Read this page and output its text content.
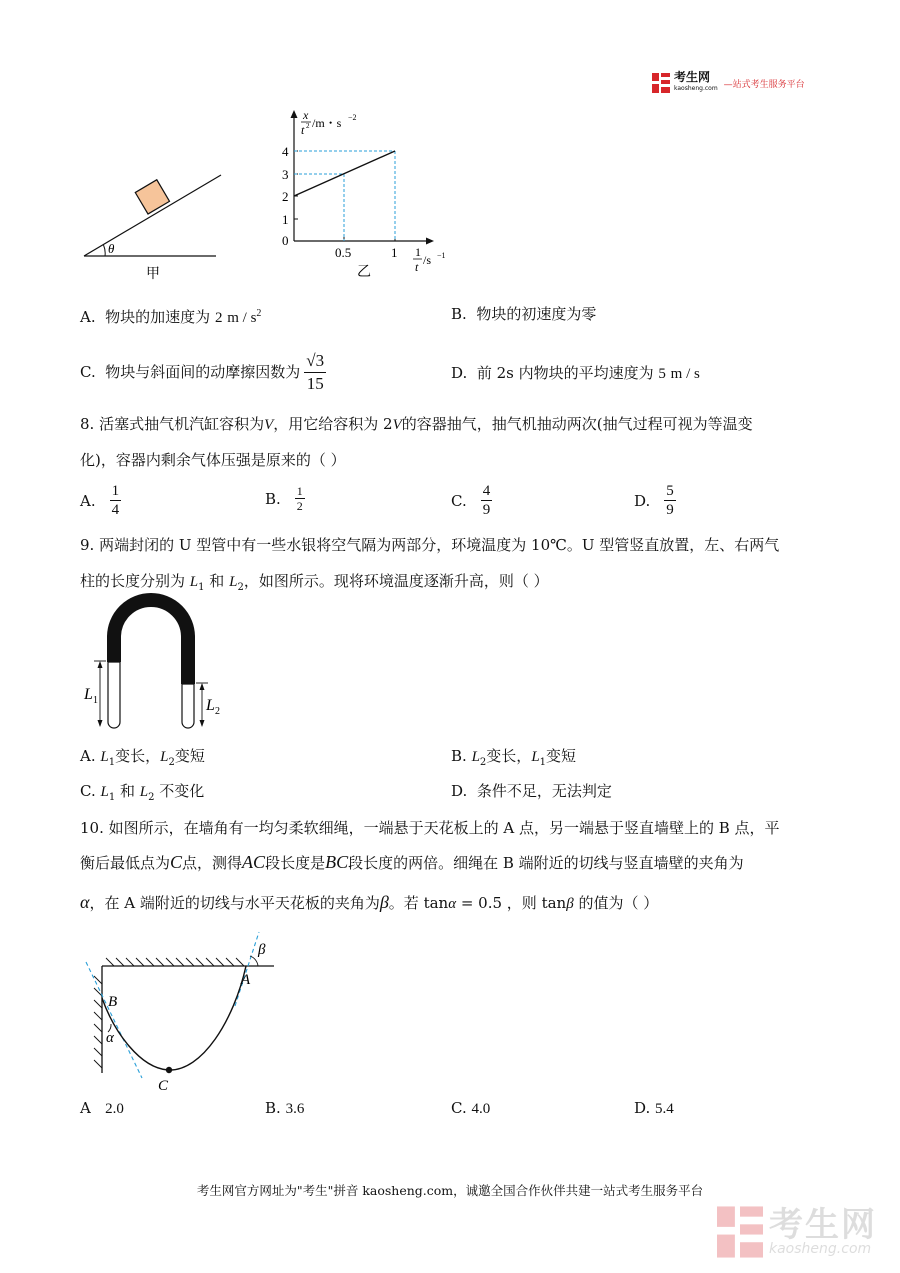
考生网
kaosheng.com —站式考生服务平台
θ
甲
4
3
2
1
0
0.5	1
x
t 2 /m・s −2
1
t /s −1
乙
A. 物块的加速度为 2 m / $s^2$	B. 物块的初速度为零
C.
物块与斜面间的动摩擦因数为 $\frac{√3}{15}$	D. 前 2s 内物块的平均速度为 5 m / s
8. 活塞式抽气机汽缸容积为V，用它给容积为 2V的容器抽气，抽气机抽动两次(抽气过程可视为等温变
化)，容器内剩余气体压强是原来的（ ）
A. $\frac{1}{4}$	B. $\frac{1}{2}$	C. $\frac{4}{9}$	D. $\frac{5}{9}$
9. 两端封闭的 U 型管中有一些水银将空气隔为两部分，环境温度为 10℃。U 型管竖直放置，左、右两气
柱的长度分别为 $L_1$ 和 $L_2$，如图所示。现将环境温度逐渐升高，则（ ）
L 1	L 2
A. $L_1$变长，$L_2$变短	B. $L_2$变长，$L_1$变短
C. $L_1$ 和 $L_2$ 不变化	D. 条件不足，无法判定
10. 如图所示，在墙角有一均匀柔软细绳，一端悬于天花板上的 A 点，另一端悬于竖直墙壁上的 B 点，平
衡后最低点为C点，测得AC段长度是BC段长度的两倍。细绳在 B 端附近的切线与竖直墙壁的夹角为
α，在 A 端附近的切线与水平天花板的夹角为β。若 tanα = 0.5 ，则 tanβ 的值为（ ）
B
A
C
α
β
A 2.0	B. 3.6	C. 4.0	D. 5.4
考生网官方网址为"考生"拼音 kaosheng.com，诚邀全国合作伙伴共建一站式考生服务平台
考生网
kaosheng.com
